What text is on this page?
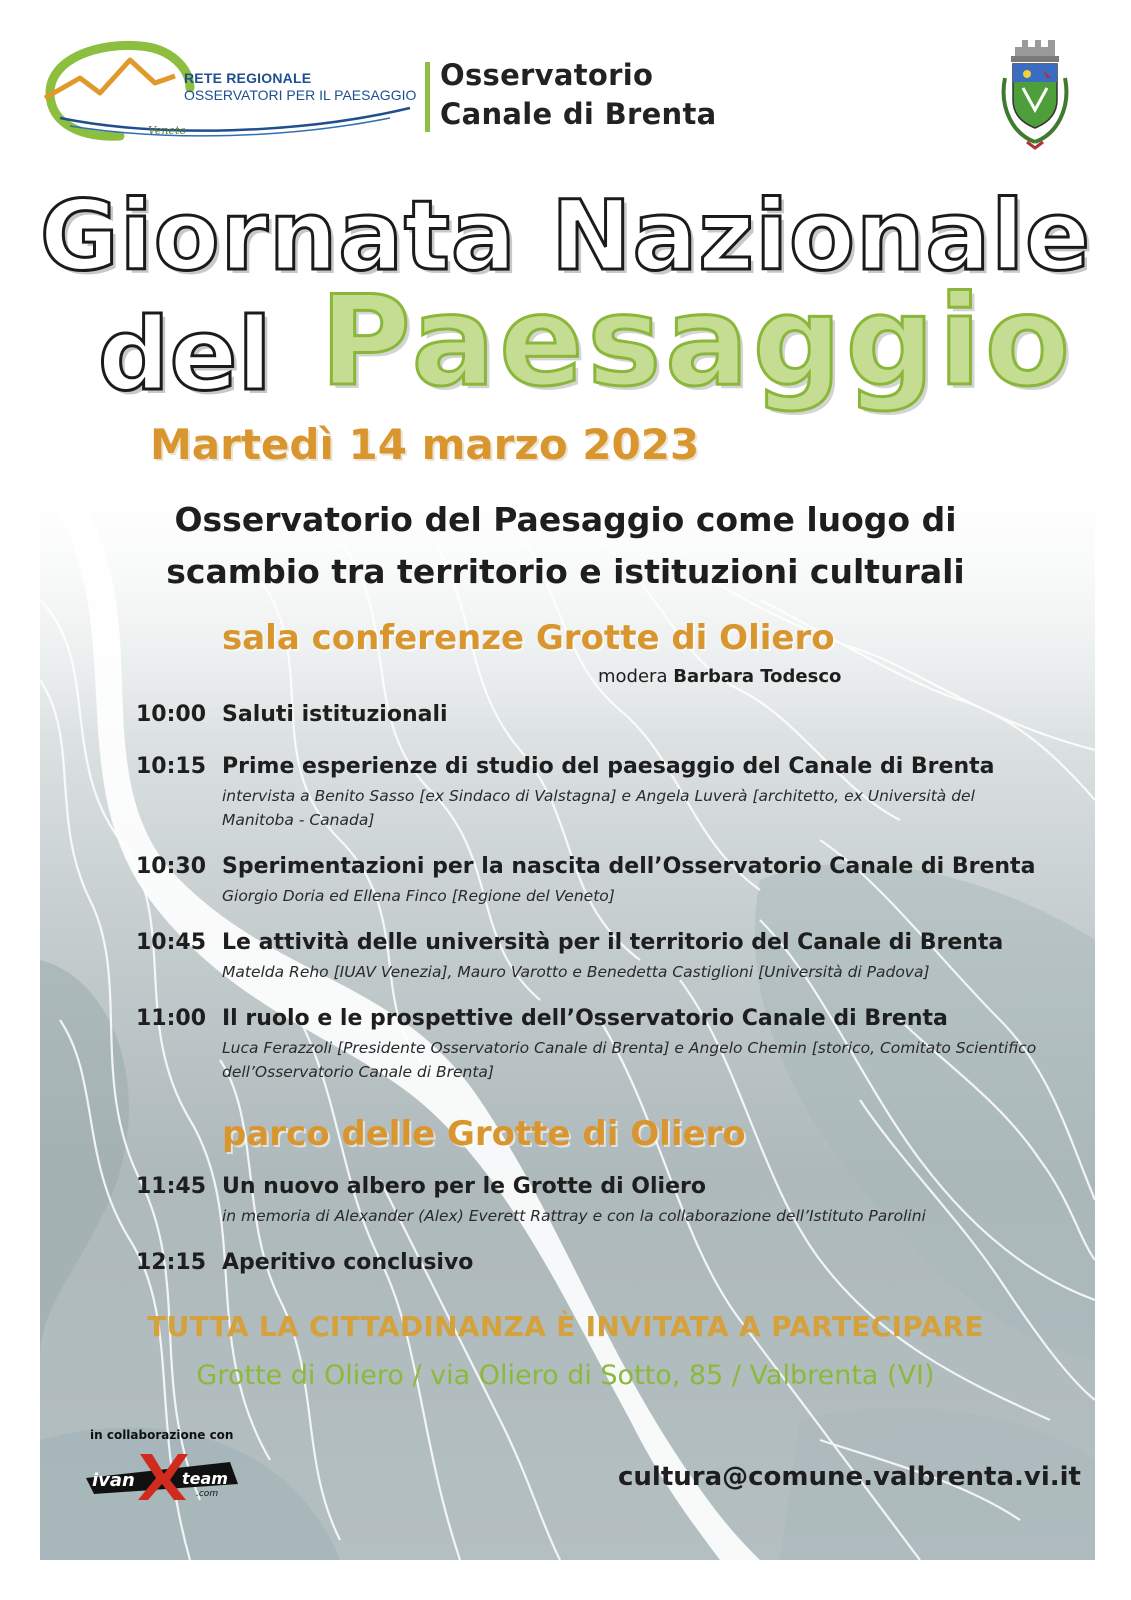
RETE REGIONALE
OSSERVATORI PER IL PAESAGGIO
Veneto
Osservatorio
Canale di Brenta
Giornata Nazionale
del Paesaggio
Martedì 14 marzo 2023
Osservatorio del Paesaggio come luogo di
scambio tra territorio e istituzioni culturali
sala conferenze Grotte di Oliero
modera Barbara Todesco
10:00 Saluti istituzionali
10:15 Prime esperienze di studio del paesaggio del Canale di Brenta
intervista a Benito Sasso [ex Sindaco di Valstagna] e Angela Luverà [architetto, ex Università del Manitoba - Canada]
10:30 Sperimentazioni per la nascita dell’Osservatorio Canale di Brenta
Giorgio Doria ed Ellena Finco [Regione del Veneto]
10:45 Le attività delle università per il territorio del Canale di Brenta
Matelda Reho [IUAV Venezia], Mauro Varotto e Benedetta Castiglioni [Università di Padova]
11:00 Il ruolo e le prospettive dell’Osservatorio Canale di Brenta
Luca Ferazzoli [Presidente Osservatorio Canale di Brenta] e Angelo Chemin [storico, Comitato Scientifico dell’Osservatorio Canale di Brenta]
parco delle Grotte di Oliero
11:45 Un nuovo albero per le Grotte di Oliero
in memoria di Alexander (Alex) Everett Rattray e con la collaborazione dell’Istituto Parolini
12:15 Aperitivo conclusivo
TUTTA LA CITTADINANZA È INVITATA A PARTECIPARE
Grotte di Oliero / via Oliero di Sotto, 85 / Valbrenta (VI)
in collaborazione con
ivan	team
.com
cultura@comune.valbrenta.vi.it
